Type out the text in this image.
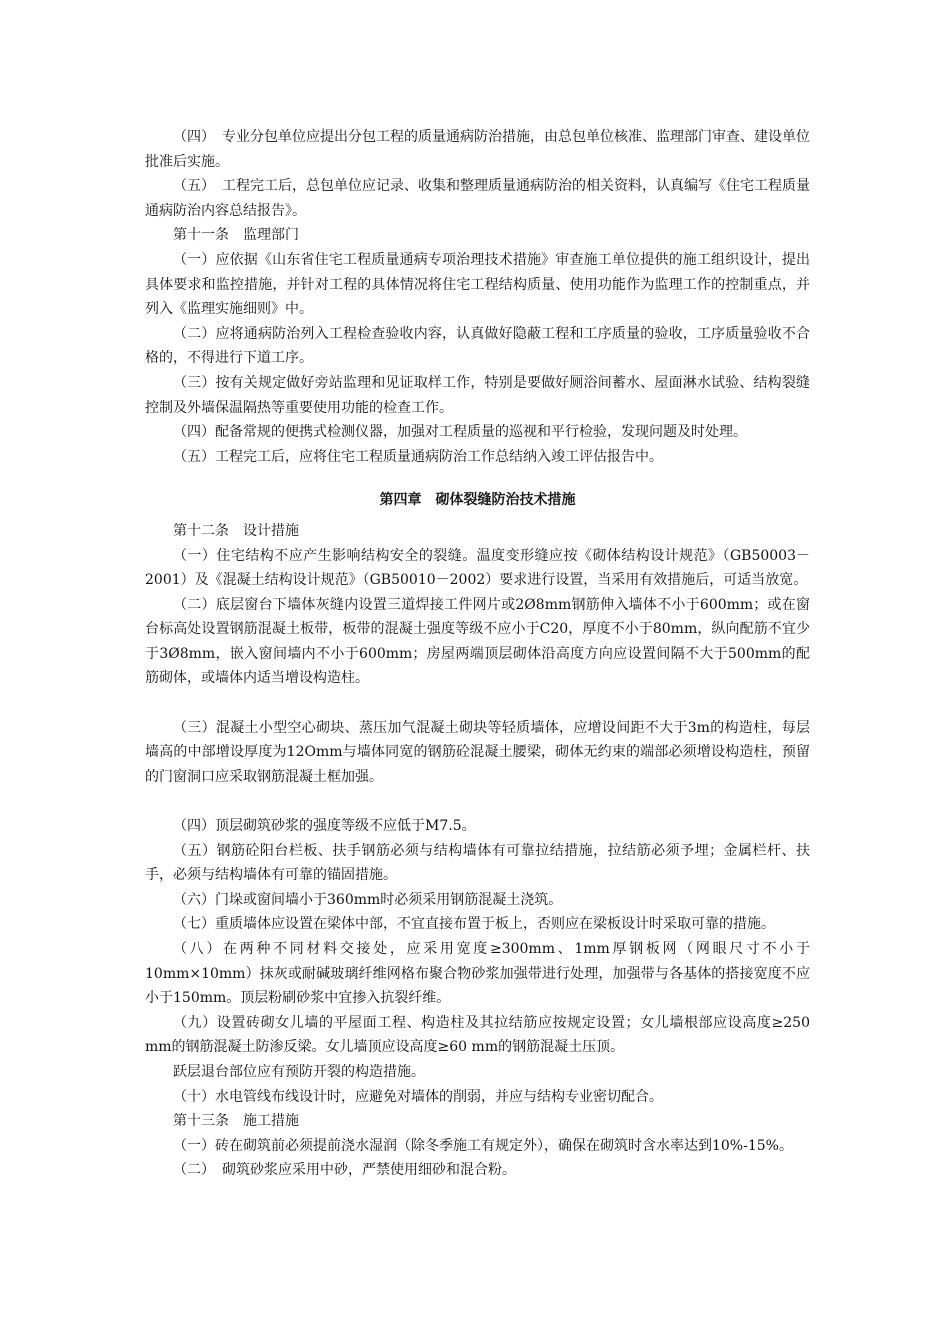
（四）　专业分包单位应提出分包工程的质量通病防治措施，由总包单位核准、监理部门审查、建设单位批准后实施。

（五）　工程完工后，总包单位应记录、收集和整理质量通病防治的相关资料，认真编写《住宅工程质量通病防治内容总结报告》。

第十一条　监理部门

（一）应依据《山东省住宅工程质量通病专项治理技术措施》审查施工单位提供的施工组织设计，提出具体要求和监控措施，并针对工程的具体情况将住宅工程结构质量、使用功能作为监理工作的控制重点，并列入《监理实施细则》中。

（二）应将通病防治列入工程检查验收内容，认真做好隐蔽工程和工序质量的验收，工序质量验收不合格的，不得进行下道工序。

（三）按有关规定做好旁站监理和见证取样工作，特别是要做好厕浴间蓄水、屋面淋水试验、结构裂缝控制及外墙保温隔热等重要使用功能的检查工作。

（四）配备常规的便携式检测仪器，加强对工程质量的巡视和平行检验，发现问题及时处理。

（五）工程完工后，应将住宅工程质量通病防治工作总结纳入竣工评估报告中。

第四章　砌体裂缝防治技术措施

第十二条　设计措施

（一）住宅结构不应产生影响结构安全的裂缝。温度变形缝应按《砌体结构设计规范》（GB50003－2001）及《混凝土结构设计规范》（GB50010－2002）要求进行设置，当采用有效措施后，可适当放宽。

（二）底层窗台下墙体灰缝内设置三道焊接工件网片或2Ø8mm钢筋伸入墙体不小于600mm；或在窗台标高处设置钢筋混凝土板带，板带的混凝土强度等级不应小于C20，厚度不小于80mm，纵向配筋不宜少于3Ø8mm，嵌入窗间墙内不小于600mm；房屋两端顶层砌体沿高度方向应设置间隔不大于500mm的配筋砌体，或墙体内适当增设构造柱。

（三）混凝土小型空心砌块、蒸压加气混凝土砌块等轻质墙体，应增设间距不大于3m的构造柱，每层墙高的中部增设厚度为12Omm与墙体同宽的钢筋砼混凝土腰梁，砌体无约束的端部必须增设构造柱，预留的门窗洞口应采取钢筋混凝土框加强。

（四）顶层砌筑砂浆的强度等级不应低于M7.5。

（五）钢筋砼阳台栏板、扶手钢筋必须与结构墙体有可靠拉结措施，拉结筋必须予埋；金属栏杆、扶手，必须与结构墙体有可靠的锚固措施。

（六）门垛或窗间墙小于360mm时必须采用钢筋混凝土浇筑。

（七）重质墙体应设置在梁体中部，不宜直接布置于板上，否则应在梁板设计时采取可靠的措施。

（八）在两种不同材料交接处，应采用宽度≥300mm、1mm厚钢板网（网眼尺寸不小于10mm×10mm）抹灰或耐碱玻璃纤维网格布聚合物砂浆加强带进行处理，加强带与各基体的搭接宽度不应小于150mm。顶层粉刷砂浆中宜掺入抗裂纤维。

（九）设置砖砌女儿墙的平屋面工程、构造柱及其拉结筋应按规定设置；女儿墙根部应设高度≥250 mm的钢筋混凝土防渗反梁。女儿墙顶应设高度≥60 mm的钢筋混凝土压顶。

跃层退台部位应有预防开裂的构造措施。

（十）水电管线布线设计时，应避免对墙体的削弱，并应与结构专业密切配合。

第十三条　施工措施

（一）砖在砌筑前必须提前浇水湿润（除冬季施工有规定外），确保在砌筑时含水率达到10%-15%。

（二）　砌筑砂浆应采用中砂，严禁使用细砂和混合粉。
